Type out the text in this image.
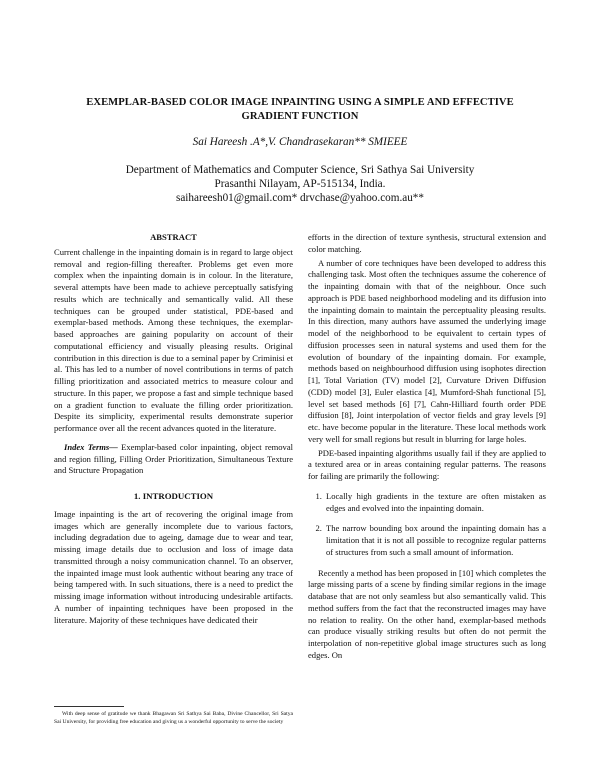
EXEMPLAR-BASED COLOR IMAGE INPAINTING USING A SIMPLE AND EFFECTIVE
GRADIENT FUNCTION
Sai Hareesh .A*,V. Chandrasekaran** SMIEEE
Department of Mathematics and Computer Science, Sri Sathya Sai University
Prasanthi Nilayam, AP-515134, India.
saihareesh01@gmail.com* drvchase@yahoo.com.au**

ABSTRACT

Current challenge in the inpainting domain is in regard to large object removal and region-filling thereafter. Problems get even more complex when the inpainting domain is in colour. In the literature, several attempts have been made to achieve perceptually satisfying results which are technically and semantically valid. All these techniques can be grouped under statistical, PDE-based and exemplar-based methods. Among these techniques, the exemplar-based approaches are gaining popularity on account of their computational efficiency and visually pleasing results. Original contribution in this direction is due to a seminal paper by Criminisi et al. This has led to a number of novel contributions in terms of patch filling prioritization and associated metrics to measure colour and structure. In this paper, we propose a fast and simple technique based on a gradient function to evaluate the filling order prioritization. Despite its simplicity, experimental results demonstrate superior performance over all the recent advances quoted in the literature.

Index Terms— Exemplar-based color inpainting, object removal and region filling, Filling Order Prioritization, Simultaneous Texture and Structure Propagation

1. INTRODUCTION

Image inpainting is the art of recovering the original image from images which are generally incomplete due to various factors, including degradation due to ageing, damage due to wear and tear, missing image details due to occlusion and loss of image data transmitted through a noisy communication channel. To an observer, the inpainted image must look authentic without bearing any trace of being tampered with. In such situations, there is a need to predict the missing image information without introducing undesirable artifacts. A number of inpainting techniques have been proposed in the literature. Majority of these techniques have dedicated their

efforts in the direction of texture synthesis, structural extension and color matching.

A number of core techniques have been developed to address this challenging task. Most often the techniques assume the coherence of the inpainting domain with that of the neighbour. Once such approach is PDE based neighborhood modeling and its diffusion into the inpainting domain to maintain the perceptuality pleasing results. In this direction, many authors have assumed the underlying image model of the neighborhood to be equivalent to certain types of diffusion processes seen in natural systems and used them for the evolution of boundary of the inpainting domain. For example, methods based on neighbourhood diffusion using isophotes direction [1], Total Variation (TV) model [2], Curvature Driven Diffusion (CDD) model [3], Euler elastica [4], Mumford-Shah functional [5], level set based methods [6] [7], Cahn-Hilliard fourth order PDE diffusion [8], Joint interpolation of vector fields and gray levels [9] etc. have become popular in the literature. These local methods work very well for small regions but result in blurring for large holes.

PDE-based inpainting algorithms usually fail if they are applied to a textured area or in areas containing regular patterns. The reasons for failing are primarily the following:

1. Locally high gradients in the texture are often mistaken as edges and evolved into the inpainting domain.
2. The narrow bounding box around the inpainting domain has a limitation that it is not all possible to recognize regular patterns of structures from such a small amount of information.

Recently a method has been proposed in [10] which completes the large missing parts of a scene by finding similar regions in the image database that are not only seamless but also semantically valid. This method suffers from the fact that the reconstructed images may have no relation to reality. On the other hand, exemplar-based methods can produce visually striking results but often do not permit the interpolation of non-repetitive global image structures such as long edges. On

With deep sense of gratitude we thank Bhagawan Sri Sathya Sai Baba, Divine Chancellor, Sri Satya Sai University, for providing free education and giving us a wonderful opportunity to serve the society
